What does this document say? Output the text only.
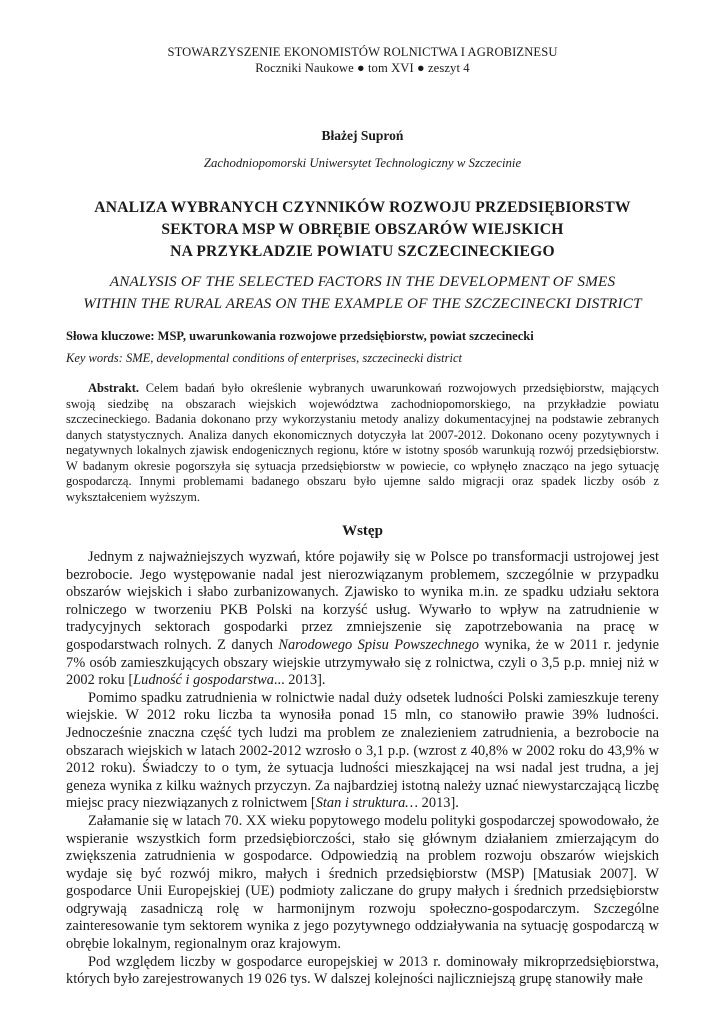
STOWARZYSZENIE EKONOMISTÓW ROLNICTWA I AGROBIZNESU
Roczniki Naukowe ● tom XVI ● zeszyt 4
Błażej Suproń
Zachodniopomorski Uniwersytet Technologiczny w Szczecinie
ANALIZA WYBRANYCH CZYNNIKÓW ROZWOJU PRZEDSIĘBIORSTW
SEKTORA MSP W OBRĘBIE OBSZARÓW WIEJSKICH
NA PRZYKŁADZIE POWIATU SZCZECINECKIEGO
ANALYSIS OF THE SELECTED FACTORS IN THE DEVELOPMENT OF SMES
WITHIN THE RURAL AREAS ON THE EXAMPLE OF THE SZCZECINECKI DISTRICT
Słowa kluczowe: MSP, uwarunkowania rozwojowe przedsiębiorstw, powiat szczecinecki
Key words: SME, developmental conditions of enterprises, szczecinecki district
Abstrakt. Celem badań było określenie wybranych uwarunkowań rozwojowych przedsiębiorstw, mających swoją siedzibę na obszarach wiejskich województwa zachodniopomorskiego, na przykładzie powiatu szczecineckiego. Badania dokonano przy wykorzystaniu metody analizy dokumentacyjnej na podstawie zebranych danych statystycznych. Analiza danych ekonomicznych dotyczyła lat 2007-2012. Dokonano oceny pozytywnych i negatywnych lokalnych zjawisk endogenicznych regionu, które w istotny sposób warunkują rozwój przedsiębiorstw. W badanym okresie pogorszyła się sytuacja przedsiębiorstw w powiecie, co wpłynęło znacząco na jego sytuację gospodarczą. Innymi problemami badanego obszaru było ujemne saldo migracji oraz spadek liczby osób z wykształceniem wyższym.
Wstęp

Jednym z najważniejszych wyzwań, które pojawiły się w Polsce po transformacji ustrojowej jest bezrobocie. Jego występowanie nadal jest nierozwiązanym problemem, szczególnie w przypadku obszarów wiejskich i słabo zurbanizowanych. Zjawisko to wynika m.in. ze spadku udziału sektora rolniczego w tworzeniu PKB Polski na korzyść usług. Wywarło to wpływ na zatrudnienie w tradycyjnych sektorach gospodarki przez zmniejszenie się zapotrzebowania na pracę w gospodarstwach rolnych. Z danych Narodowego Spisu Powszechnego wynika, że w 2011 r. jedynie 7% osób zamieszkujących obszary wiejskie utrzymywało się z rolnictwa, czyli o 3,5 p.p. mniej niż w 2002 roku [Ludność i gospodarstwa... 2013].

Pomimo spadku zatrudnienia w rolnictwie nadal duży odsetek ludności Polski zamieszkuje tereny wiejskie. W 2012 roku liczba ta wynosiła ponad 15 mln, co stanowiło prawie 39% ludności. Jednocześnie znaczna część tych ludzi ma problem ze znalezieniem zatrudnienia, a bezrobocie na obszarach wiejskich w latach 2002-2012 wzrosło o 3,1 p.p. (wzrost z 40,8% w 2002 roku do 43,9% w 2012 roku). Świadczy to o tym, że sytuacja ludności mieszkającej na wsi nadal jest trudna, a jej geneza wynika z kilku ważnych przyczyn. Za najbardziej istotną należy uznać niewystarczającą liczbę miejsc pracy niezwiązanych z rolnictwem [Stan i struktura… 2013].

Załamanie się w latach 70. XX wieku popytowego modelu polityki gospodarczej spowodowało, że wspieranie wszystkich form przedsiębiorczości, stało się głównym działaniem zmierzającym do zwiększenia zatrudnienia w gospodarce. Odpowiedzią na problem rozwoju obszarów wiejskich wydaje się być rozwój mikro, małych i średnich przedsiębiorstw (MSP) [Matusiak 2007]. W gospodarce Unii Europejskiej (UE) podmioty zaliczane do grupy małych i średnich przedsiębiorstw odgrywają zasadniczą rolę w harmonijnym rozwoju społeczno-gospodarczym. Szczególne zainteresowanie tym sektorem wynika z jego pozytywnego oddziaływania na sytuację gospodarczą w obrębie lokalnym, regionalnym oraz krajowym.

Pod względem liczby w gospodarce europejskiej w 2013 r. dominowały mikroprzedsiębiorstwa, których było zarejestrowanych 19 026 tys. W dalszej kolejności najliczniejszą grupę stanowiły małe
